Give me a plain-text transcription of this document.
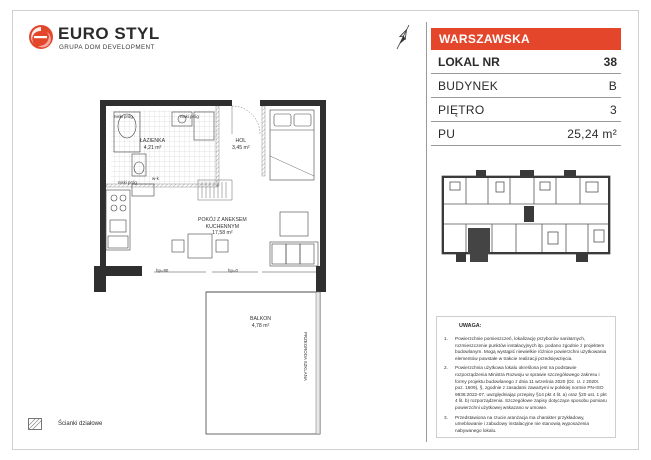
EURO STYL
GRUPA DOM DEVELOPMENT
WARSZAWSKA
LOKAL NR	38
BUDYNEK	B
PIĘTRO	3
PU	25,24 m²
UWAGA:
1. Powierzchnie pomieszczeń, lokalizację przyborów sanitarnych, rozmieszczenie punktów instalacyjnych itp. podano zgodnie z projektem budowlanym. Mogą wystąpić niewielkie różnice powierzchni użytkowania elementów powstałe w trakcie realizacji przedsięwzięcia.
2. Powierzchnia użytkowa lokalu określona jest na podstawie rozporządzenia Ministra Rozwoju w sprawie szczegółowego zakresu i formy projektu budowlanego z dnia 11 września 2020 (Dz. U. z 2020r. poz. 1609), §, zgodnie z zasadami zawartymi w polskiej normie PN-ISO 9836:2022-07, uwzględniając przepisy §14 pkt 4 lit. a) oraz §20 ust. 1 pkt 4 lit. b) rozporządzenia. Szczegółowe zapisy dotyczące sposobu pomiaru powierzchni użytkowej wskazano w umowie.
3. Przedstawiona na rzucie aranżacja ma charakter przykładowy, umeblowanie i zabudowy instalacyjne nie stanowią wyposażenia nabywanego lokalu.
ŁAZIENKA
4,21 m²
HOL
3,45 m²
POKÓJ Z ANEKSEM
KUCHENNYM
17,58 m²
w-k
hp=90	hp=0
niski próg	niski próg
niski próg
BALKON
4,78 m²
PRZEGRODA SZKLANA
Ścianki działowe
